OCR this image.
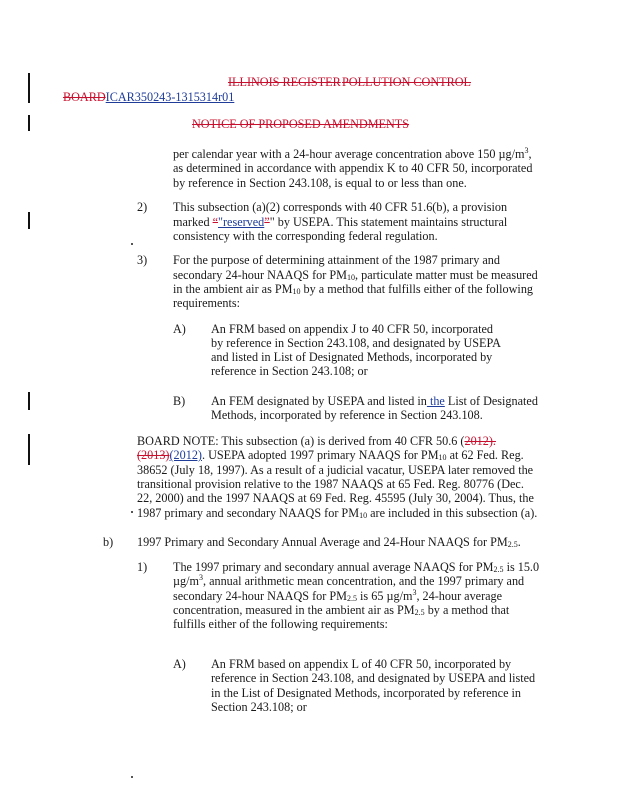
ILLINOIS REGISTER POLLUTION CONTROL
BOARDICAR350243-1315314r01
NOTICE OF PROPOSED AMENDMENTS
per calendar year with a 24-hour average concentration above 150 $\mu g/m^3$,
as determined in accordance with appendix K to 40 CFR 50, incorporated
by reference in Section 243.108, is equal to or less than one.
2) This subsection (a)(2) corresponds with 40 CFR 51.6(b), a provision
marked “"reserved”" by USEPA. This statement maintains structural
consistency with the corresponding federal regulation.
3) For the purpose of determining attainment of the 1987 primary and
secondary 24-hour NAAQS for $PM_{10}$, particulate matter must be measured
in the ambient air as $PM_{10}$ by a method that fulfills either of the following
requirements:
A) An FRM based on appendix J to 40 CFR 50, incorporated
by reference in Section 243.108, and designated by USEPA
and listed in List of Designated Methods, incorporated by
reference in Section 243.108; or
B) An FEM designated by USEPA and listed in the List of Designated
Methods, incorporated by reference in Section 243.108.
BOARD NOTE: This subsection (a) is derived from 40 CFR 50.6 (2012).
(2013)(2012). USEPA adopted 1997 primary NAAQS for $PM_{10}$ at 62 Fed. Reg.
38652 (July 18, 1997). As a result of a judicial vacatur, USEPA later removed the
transitional provision relative to the 1987 NAAQS at 65 Fed. Reg. 80776 (Dec.
22, 2000) and the 1997 NAAQS at 69 Fed. Reg. 45595 (July 30, 2004). Thus, the
1987 primary and secondary NAAQS for $PM_{10}$ are included in this subsection (a).
b) 1997 Primary and Secondary Annual Average and 24-Hour NAAQS for $PM_{2.5}$.
1) The 1997 primary and secondary annual average NAAQS for $PM_{2.5}$ is 15.0
$\mu g/m^3$, annual arithmetic mean concentration, and the 1997 primary and
secondary 24-hour NAAQS for $PM_{2.5}$ is 65 $\mu g/m^3$, 24-hour average
concentration, measured in the ambient air as $PM_{2.5}$ by a method that
fulfills either of the following requirements:
A) An FRM based on appendix L of 40 CFR 50, incorporated by
reference in Section 243.108, and designated by USEPA and listed
in the List of Designated Methods, incorporated by reference in
Section 243.108; or
